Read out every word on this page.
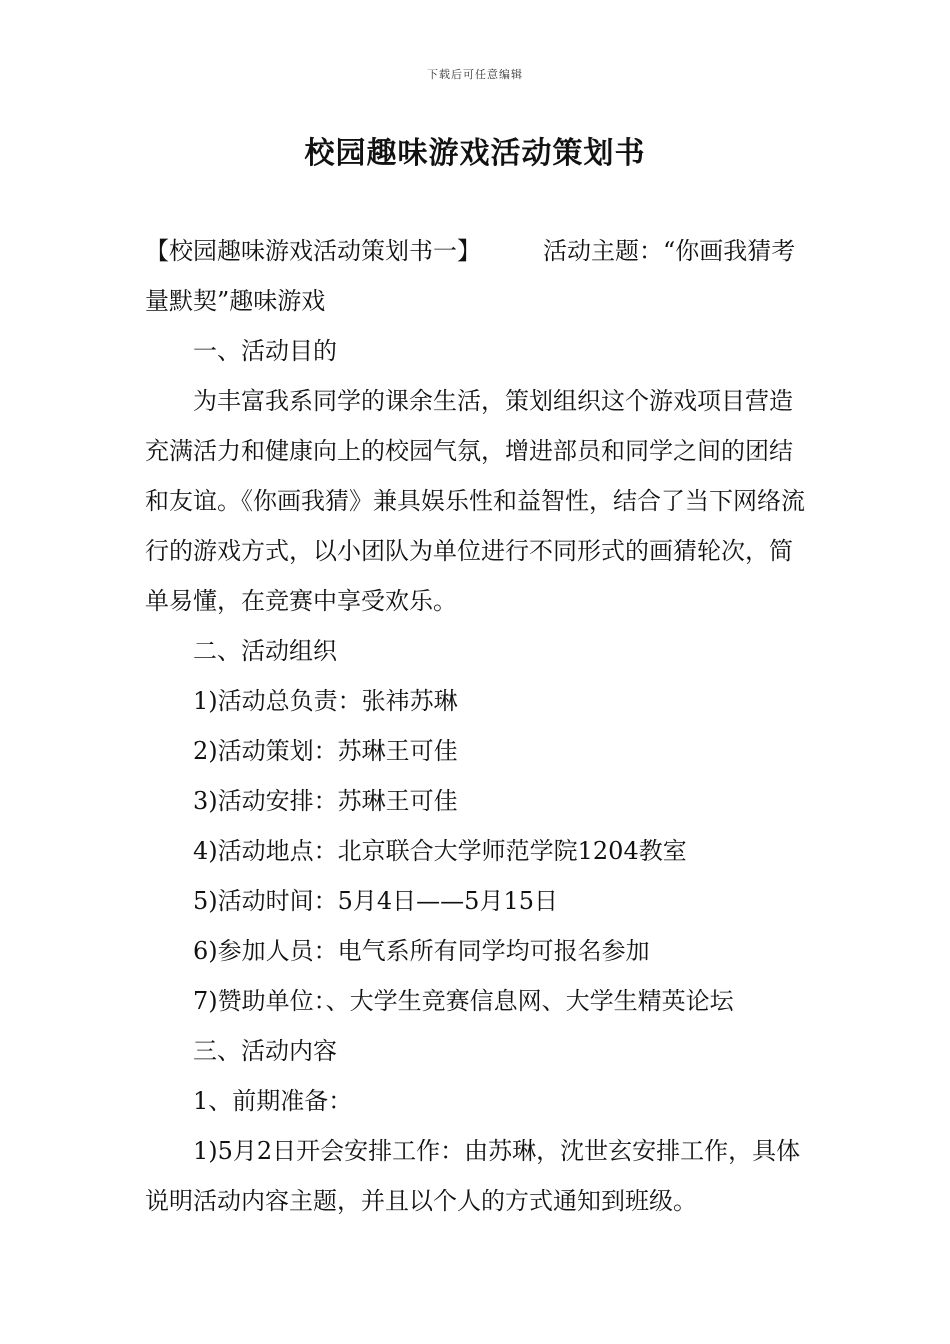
下载后可任意编辑
校园趣味游戏活动策划书

【校园趣味游戏活动策划书一】	活动主题：“你画我猜考量默契”趣味游戏

一、活动目的

为丰富我系同学的课余生活，策划组织这个游戏项目营造充满活力和健康向上的校园气氛，增进部员和同学之间的团结和友谊。《你画我猜》兼具娱乐性和益智性，结合了当下网络流行的游戏方式，以小团队为单位进行不同形式的画猜轮次，简单易懂，在竞赛中享受欢乐。

二、活动组织

1)活动总负责：张祎苏琳

2)活动策划：苏琳王可佳

3)活动安排：苏琳王可佳

4)活动地点：北京联合大学师范学院1204教室

5)活动时间：5月4日——5月15日

6)参加人员：电气系所有同学均可报名参加

7)赞助单位：、大学生竞赛信息网、大学生精英论坛

三、活动内容

1、前期准备：

1)5月2日开会安排工作：由苏琳，沈世玄安排工作，具体说明活动内容主题，并且以个人的方式通知到班级。
